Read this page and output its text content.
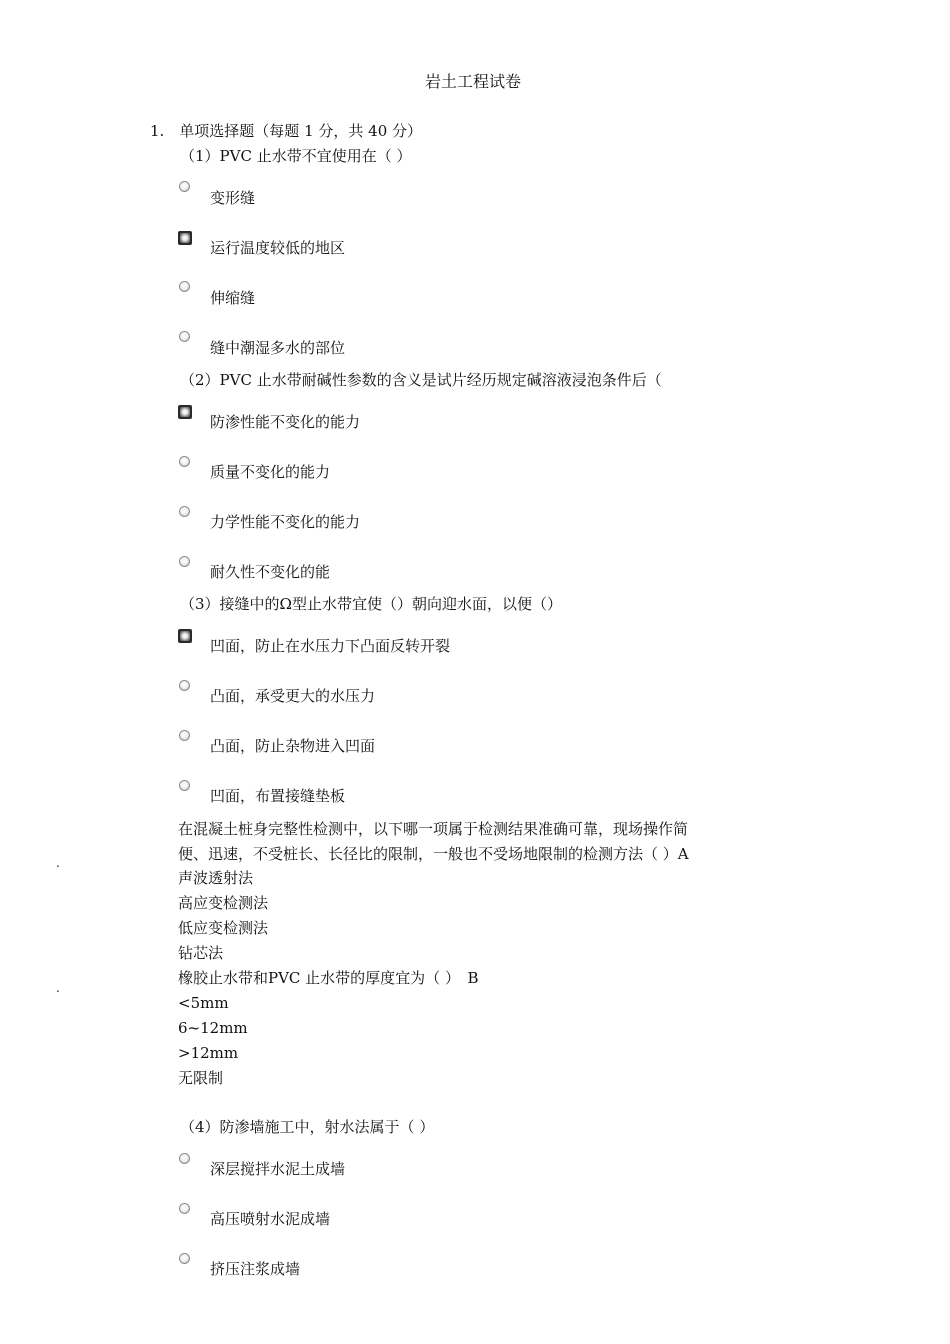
岩土工程试卷
1.　单项选择题（每题 1 分，共 40 分）
（1）PVC 止水带不宜使用在（ ）
变形缝
运行温度较低的地区
伸缩缝
缝中潮湿多水的部位
（2）PVC 止水带耐碱性参数的含义是试片经历规定碱溶液浸泡条件后（
防渗性能不变化的能力
质量不变化的能力
力学性能不变化的能力
耐久性不变化的能
（3）接缝中的Ω型止水带宜使（）朝向迎水面，以便（）
凹面，防止在水压力下凸面反转开裂
凸面，承受更大的水压力
凸面，防止杂物进入凹面
凹面，布置接缝垫板
在混凝土桩身完整性检测中，以下哪一项属于检测结果准确可靠，现场操作简
便、迅速，不受桩长、长径比的限制，一般也不受场地限制的检测方法（ ）A
.
声波透射法
高应变检测法
低应变检测法
钻芯法
橡胶止水带和PVC 止水带的厚度宜为（ ）　B
.
<5mm
6~12mm
>12mm
无限制
（4）防渗墙施工中，射水法属于（ ）
深层搅拌水泥土成墙
高压喷射水泥成墙
挤压注浆成墙
